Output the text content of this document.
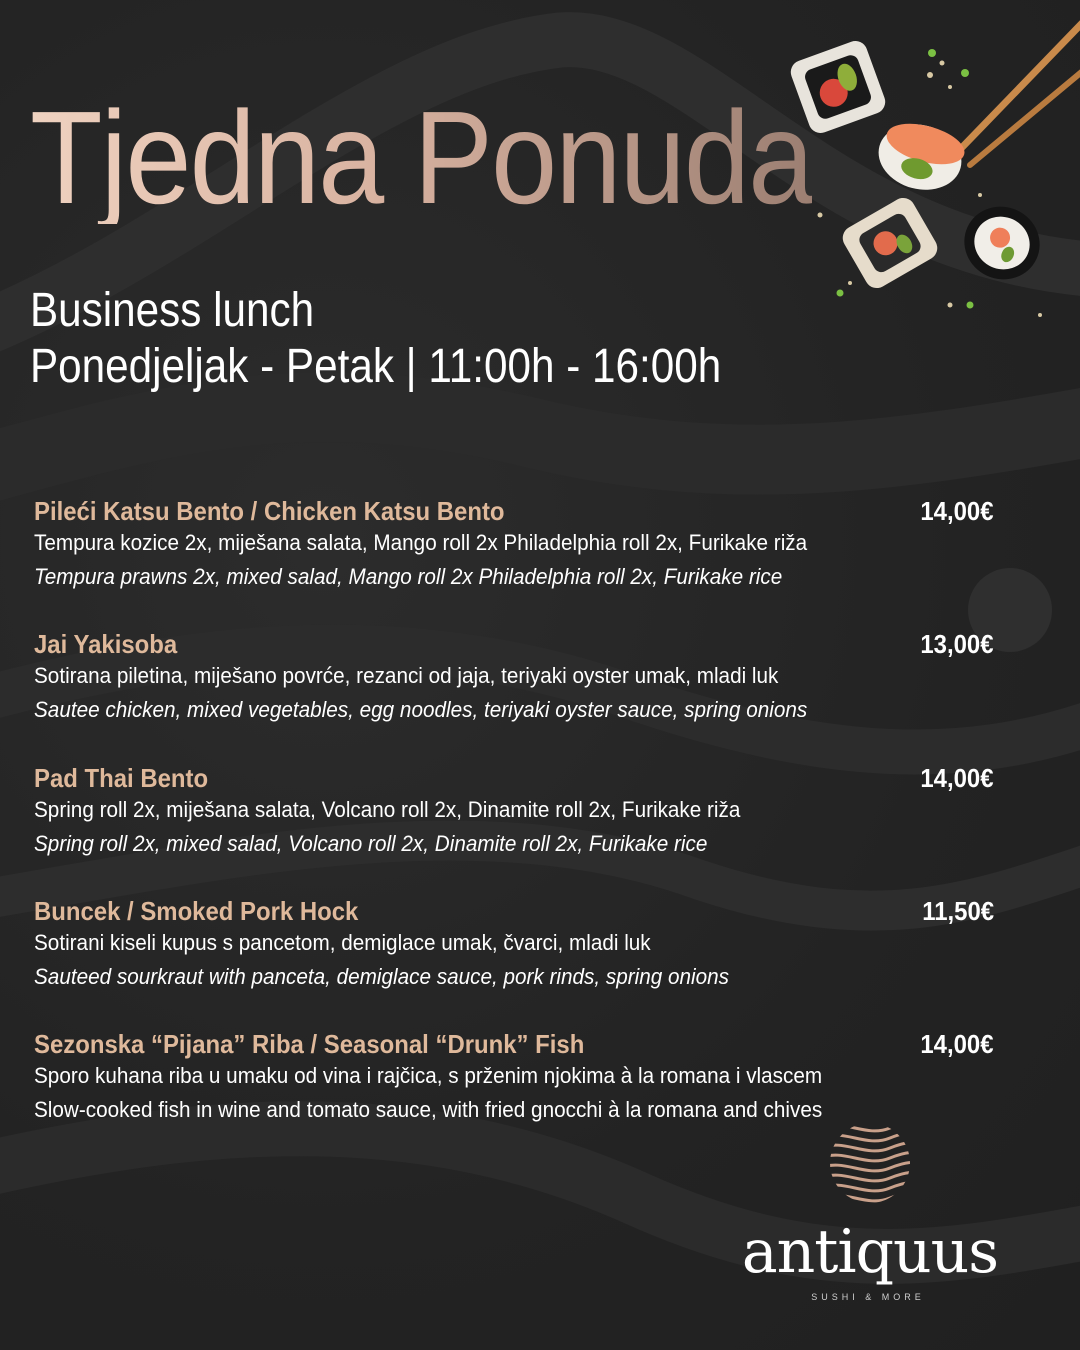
Tjedna Ponuda
Business lunch
Ponedjeljak - Petak | 11:00h - 16:00h
Pileći Katsu Bento / Chicken Katsu Bento	14,00€
Tempura kozice 2x, miješana salata, Mango roll 2x Philadelphia roll 2x, Furikake riža
Tempura prawns 2x, mixed salad, Mango roll 2x Philadelphia roll 2x, Furikake rice
Jai Yakisoba	13,00€
Sotirana piletina, miješano povrće, rezanci od jaja, teriyaki oyster umak, mladi luk
Sautee chicken, mixed vegetables, egg noodles, teriyaki oyster sauce, spring onions
Pad Thai Bento	14,00€
Spring roll 2x, miješana salata, Volcano roll 2x, Dinamite roll 2x, Furikake riža
Spring roll 2x, mixed salad, Volcano roll 2x, Dinamite roll 2x, Furikake rice
Buncek / Smoked Pork Hock	11,50€
Sotirani kiseli kupus s pancetom, demiglace umak, čvarci, mladi luk
Sauteed sourkraut with panceta, demiglace sauce, pork rinds, spring onions
Sezonska “Pijana” Riba / Seasonal “Drunk” Fish	14,00€
Sporo kuhana riba u umaku od vina i rajčica, s prženim njokima à la romana i vlascem
Slow-cooked fish in wine and tomato sauce, with fried gnocchi à la romana and chives
antiquus
SUSHI & MORE
